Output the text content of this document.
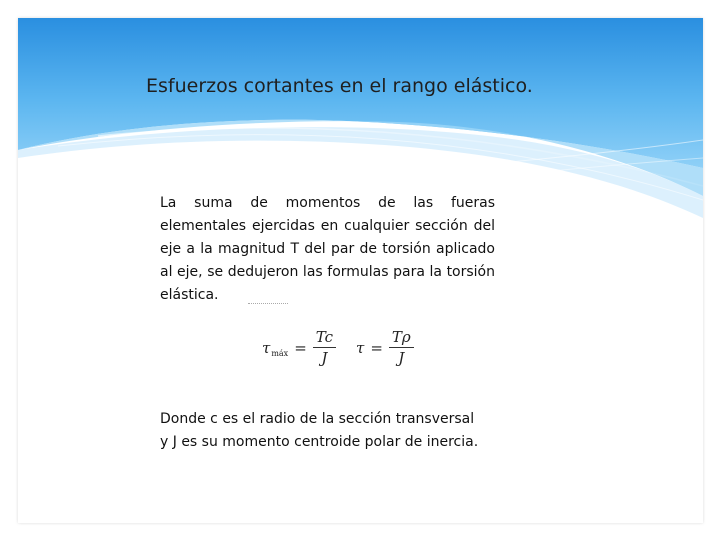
Esfuerzos cortantes en el rango elástico.

La suma de momentos de las fueras elementales ejercidas en cualquier sección del eje a la magnitud T del par de torsión aplicado al eje, se dedujeron las formulas para la torsión elástica.

τ máx = $\frac{Tc}{J}$ $\tau = \frac{T\rho}{J}$

Donde c es el radio de la sección transversal
y J es su momento centroide polar de inercia.
